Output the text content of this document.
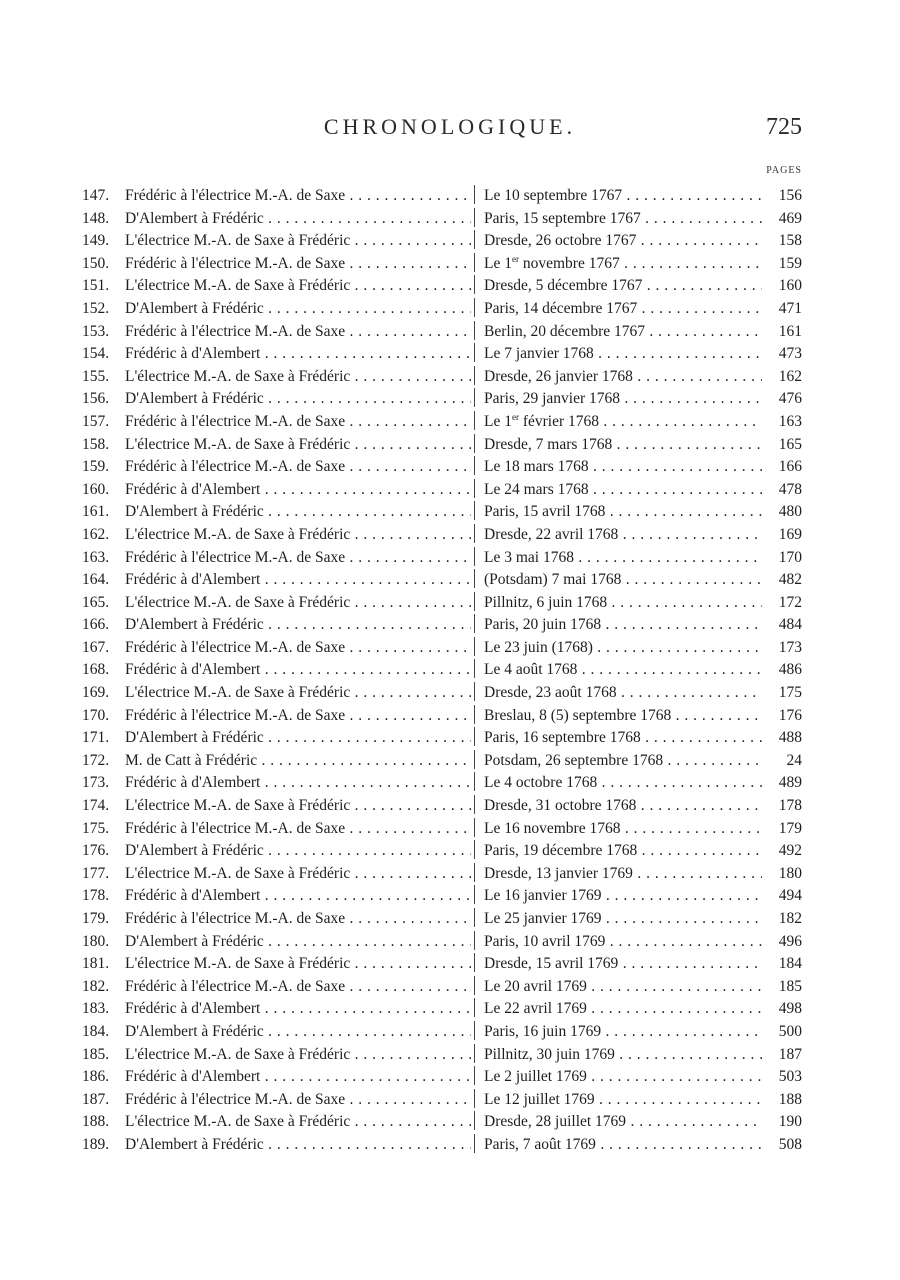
CHRONOLOGIQUE.	725
PAGES
147.	Frédéric à l'électrice M.-A. de Saxe . . .	Le 10 septembre 1767 . . .	156
148.	D'Alembert à Frédéric . . .	Paris, 15 septembre 1767 . . .	469
149.	L'électrice M.-A. de Saxe à Frédéric . . .	Dresde, 26 octobre 1767 . . .	158
150.	Frédéric à l'électrice M.-A. de Saxe . . .	Le 1er novembre 1767 . . .	159
151.	L'électrice M.-A. de Saxe à Frédéric . . .	Dresde, 5 décembre 1767 . . .	160
152.	D'Alembert à Frédéric . . .	Paris, 14 décembre 1767 . . .	471
153.	Frédéric à l'électrice M.-A. de Saxe . . .	Berlin, 20 décembre 1767 . . .	161
154.	Frédéric à d'Alembert . . .	Le 7 janvier 1768 . . .	473
155.	L'électrice M.-A. de Saxe à Frédéric . . .	Dresde, 26 janvier 1768 . . .	162
156.	D'Alembert à Frédéric . . .	Paris, 29 janvier 1768 . . .	476
157.	Frédéric à l'électrice M.-A. de Saxe . . .	Le 1er février 1768 . . .	163
158.	L'électrice M.-A. de Saxe à Frédéric . . .	Dresde, 7 mars 1768 . . .	165
159.	Frédéric à l'électrice M.-A. de Saxe . . .	Le 18 mars 1768 . . .	166
160.	Frédéric à d'Alembert . . .	Le 24 mars 1768 . . .	478
161.	D'Alembert à Frédéric . . .	Paris, 15 avril 1768 . . .	480
162.	L'électrice M.-A. de Saxe à Frédéric . . .	Dresde, 22 avril 1768 . . .	169
163.	Frédéric à l'électrice M.-A. de Saxe . . .	Le 3 mai 1768 . . .	170
164.	Frédéric à d'Alembert . . .	(Potsdam) 7 mai 1768 . . .	482
165.	L'électrice M.-A. de Saxe à Frédéric . . .	Pillnitz, 6 juin 1768 . . .	172
166.	D'Alembert à Frédéric . . .	Paris, 20 juin 1768 . . .	484
167.	Frédéric à l'électrice M.-A. de Saxe . . .	Le 23 juin (1768) . . .	173
168.	Frédéric à d'Alembert . . .	Le 4 août 1768 . . .	486
169.	L'électrice M.-A. de Saxe à Frédéric . . .	Dresde, 23 août 1768 . . .	175
170.	Frédéric à l'électrice M.-A. de Saxe . . .	Breslau, 8 (5) septembre 1768 . . .	176
171.	D'Alembert à Frédéric . . .	Paris, 16 septembre 1768 . . .	488
172.	M. de Catt à Frédéric . . .	Potsdam, 26 septembre 1768 . . .	24
173.	Frédéric à d'Alembert . . .	Le 4 octobre 1768 . . .	489
174.	L'électrice M.-A. de Saxe à Frédéric . . .	Dresde, 31 octobre 1768 . . .	178
175.	Frédéric à l'électrice M.-A. de Saxe . . .	Le 16 novembre 1768 . . .	179
176.	D'Alembert à Frédéric . . .	Paris, 19 décembre 1768 . . .	492
177.	L'électrice M.-A. de Saxe à Frédéric . . .	Dresde, 13 janvier 1769 . . .	180
178.	Frédéric à d'Alembert . . .	Le 16 janvier 1769 . . .	494
179.	Frédéric à l'électrice M.-A. de Saxe . . .	Le 25 janvier 1769 . . .	182
180.	D'Alembert à Frédéric . . .	Paris, 10 avril 1769 . . .	496
181.	L'électrice M.-A. de Saxe à Frédéric . . .	Dresde, 15 avril 1769 . . .	184
182.	Frédéric à l'électrice M.-A. de Saxe . . .	Le 20 avril 1769 . . .	185
183.	Frédéric à d'Alembert . . .	Le 22 avril 1769 . . .	498
184.	D'Alembert à Frédéric . . .	Paris, 16 juin 1769 . . .	500
185.	L'électrice M.-A. de Saxe à Frédéric . . .	Pillnitz, 30 juin 1769 . . .	187
186.	Frédéric à d'Alembert . . .	Le 2 juillet 1769 . . .	503
187.	Frédéric à l'électrice M.-A. de Saxe . . .	Le 12 juillet 1769 . . .	188
188.	L'électrice M.-A. de Saxe à Frédéric . . .	Dresde, 28 juillet 1769 . . .	190
189.	D'Alembert à Frédéric . . .	Paris, 7 août 1769 . . .	508
